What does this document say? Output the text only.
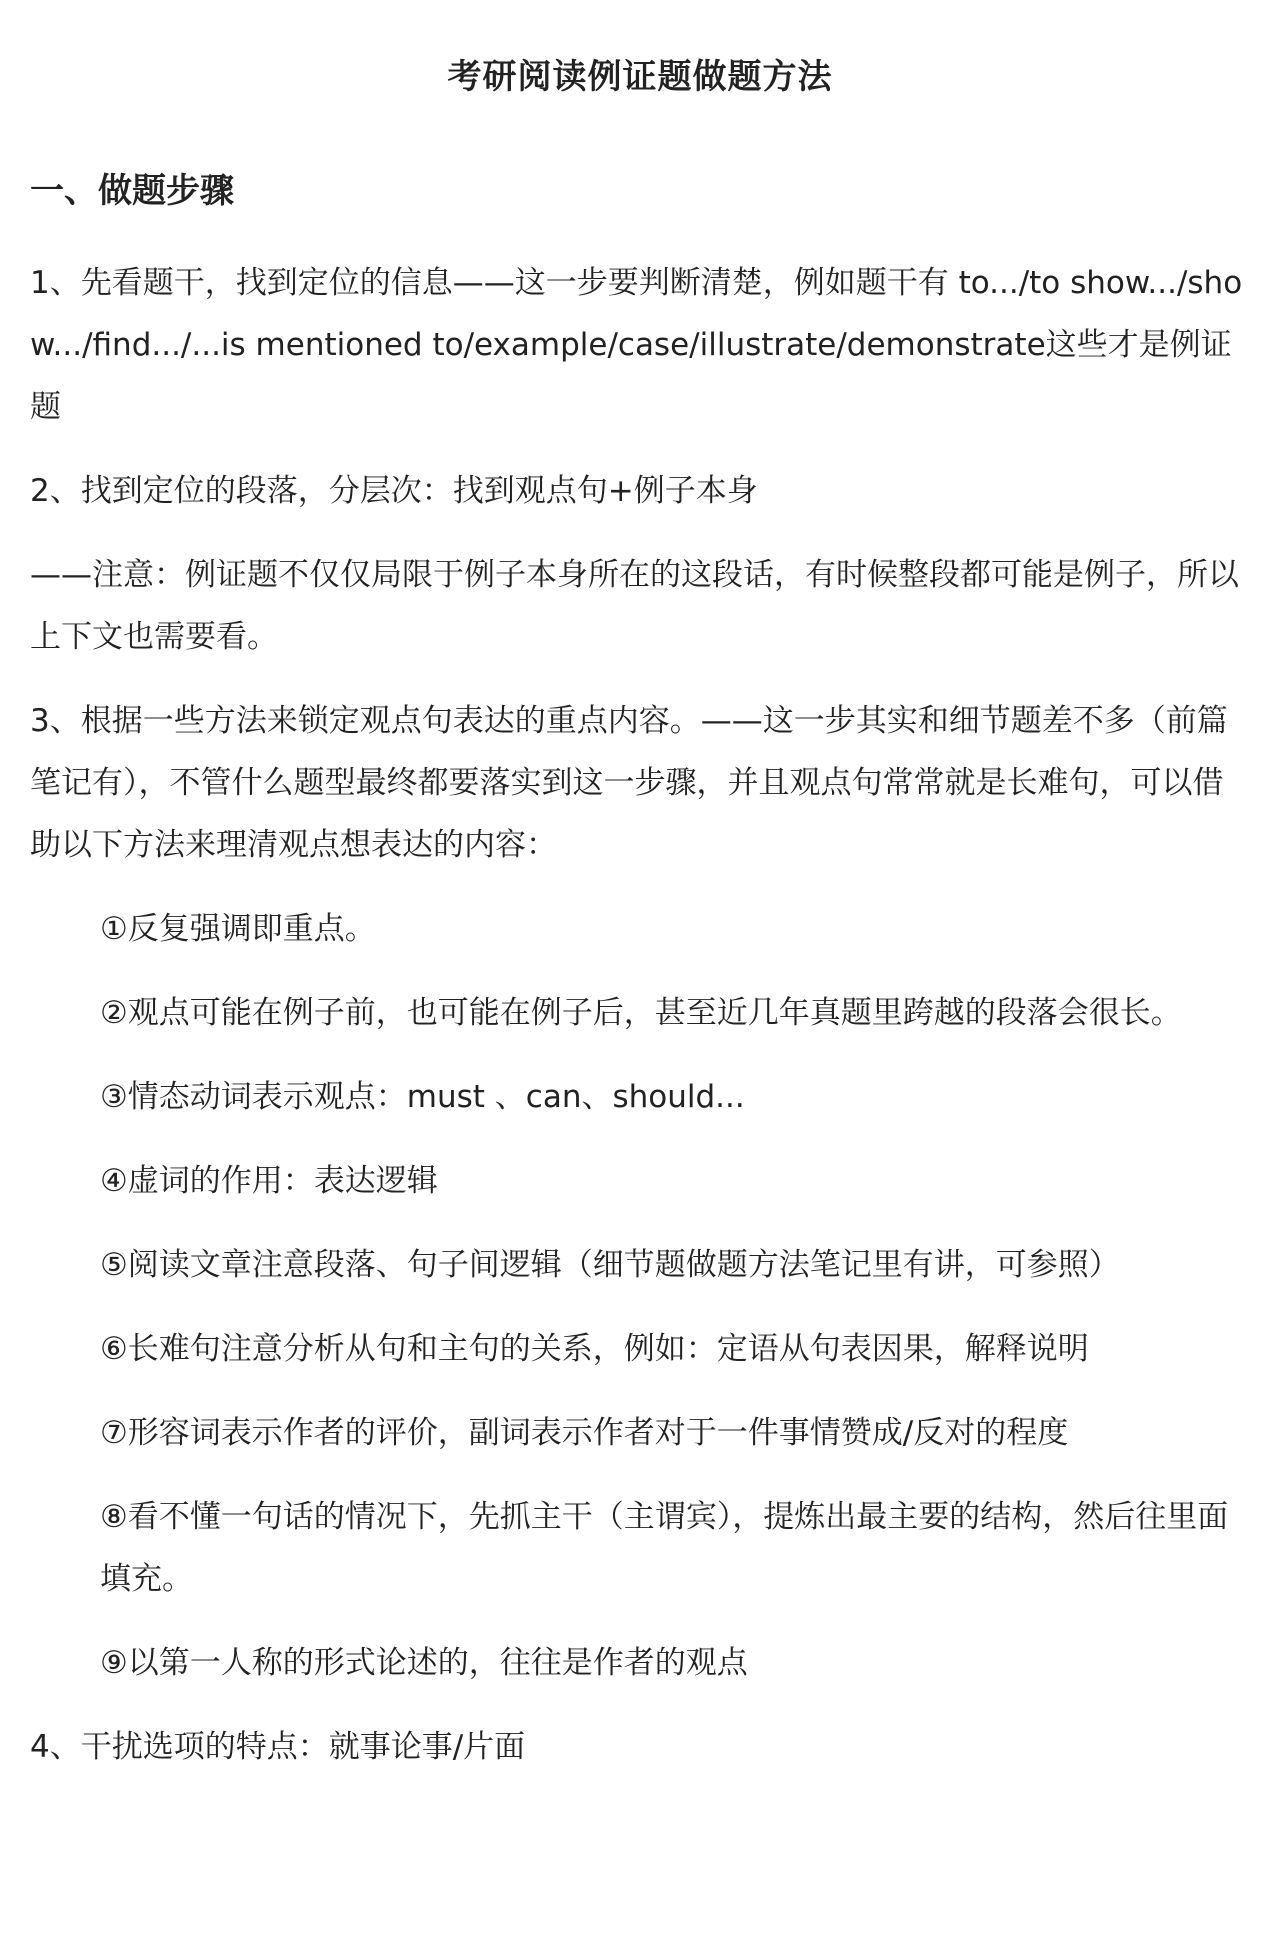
考研阅读例证题做题方法
一、做题步骤

1、先看题干，找到定位的信息——这一步要判断清楚，例如题干有 to.../to show.../show.../find.../...is mentioned to/example/case/illustrate/demonstrate这些才是例证题

2、找到定位的段落，分层次：找到观点句+例子本身

——注意：例证题不仅仅局限于例子本身所在的这段话，有时候整段都可能是例子，所以上下文也需要看。

3、根据一些方法来锁定观点句表达的重点内容。——这一步其实和细节题差不多（前篇笔记有），不管什么题型最终都要落实到这一步骤，并且观点句常常就是长难句，可以借助以下方法来理清观点想表达的内容：

①反复强调即重点。

②观点可能在例子前，也可能在例子后，甚至近几年真题里跨越的段落会很长。

③情态动词表示观点：must 、can、should...

④虚词的作用：表达逻辑

⑤阅读文章注意段落、句子间逻辑（细节题做题方法笔记里有讲，可参照）

⑥长难句注意分析从句和主句的关系，例如：定语从句表因果，解释说明

⑦形容词表示作者的评价，副词表示作者对于一件事情赞成/反对的程度

⑧看不懂一句话的情况下，先抓主干（主谓宾），提炼出最主要的结构，然后往里面填充。

⑨以第一人称的形式论述的，往往是作者的观点

4、干扰选项的特点：就事论事/片面
